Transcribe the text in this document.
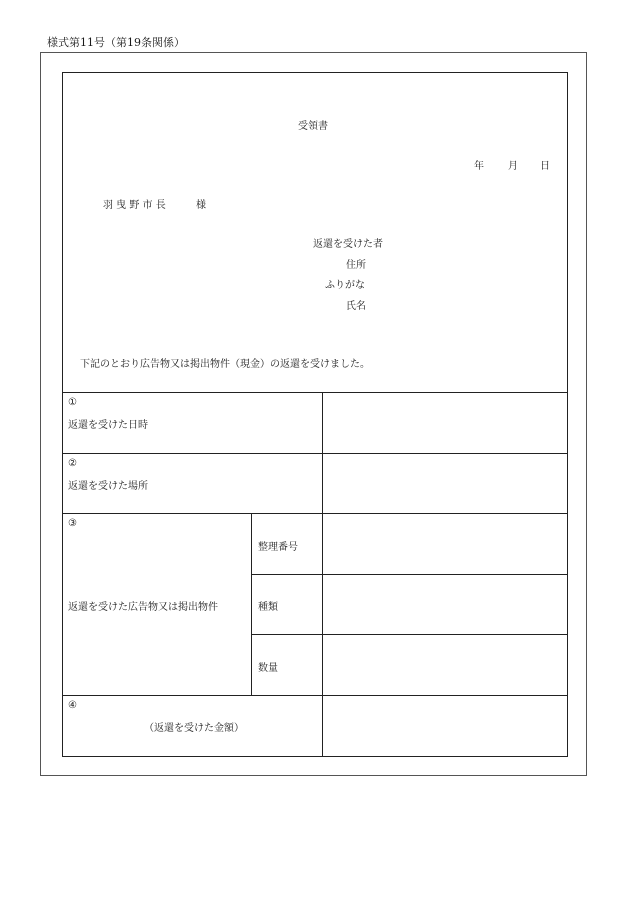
様式第11号（第19条関係）
受領書
年 月 日
羽 曳 野 市 長	様
返還を受けた者
住所
ふりがな
氏名
下記のとおり広告物又は掲出物件（現金）の返還を受けました。
①
返還を受けた日時
②
返還を受けた場所
③
返還を受けた広告物又は掲出物件
整理番号
種類
数量
④
（返還を受けた金額）
